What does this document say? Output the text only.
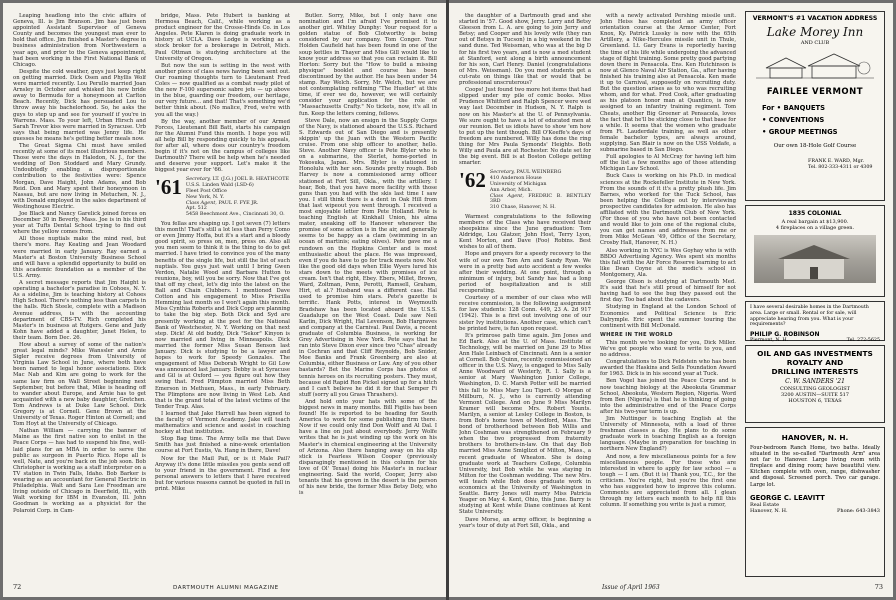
Leaping headlong into the civic affairs of Geneva, Ill. is Jim Branson. Jim has just been appointed Assistant Supervisor of Geneva County and becomes the youngest man ever to hold that office. Jim finished a Master's degree in business administration from Northwestern a year ago, and prior to the Geneva appointment, had been working in the First National Bank of Chicago.

Despite the cold weather, guys just keep right on getting married. Dick Osen and Phyllis Wolf were married recently. Lou Perullo married Joan Arnsley in October and whisked his new bride away to Bermuda for a honeymoon at Carlton Beach. Recently, Dick has persuaded Lou to throw away his bachelorhood. So, he asks the guys to step up and see for yourself if you're in Warrens. Mass. To your left, Urban Hirsch and Sarah Trevor kiss were married in Syracuse. Urb says that being married was Jenny life. He guesses he means he's getting better meals now.

The Great Sigma Chi must have smiled recently at some of its most illustrious members. Those were the days in Haledon, N. J., for the wedding of Don Stoddard and Mary Grundy. Undoubtedly enabling a disproportionate contribution to the festivities were: Spence Morgan, Dave Haight, John Adams, and Bob Reid. Don and Mary spent their honeymoon in Nassau, but are now living in Metuchen, N. J., with Donald employed in the sales department of Westinghouse Electric.

Joe Black and Nancy Garelick joined forces on December 30 in Beverly, Mass. Joe is in his third year at Tufts Dental School trying to find out where the yellow comes from.

All those nuptials make the mind reel, but there's more. Ray Keating and Jean Woodard were married in early January. Ray earned a Master's at Boston University Business School and will have a splendid opportunity to build on this academic foundation as a member of the U.S. Army.

A secret message reports that Jim Haight is operating a bachelor's paradise in Cohoes, N. Y. As a sideline, Jim is teaching history at Cohoes High School. There's nothing less than carpets in the halls. Rich Steele, complete with a Madison Avenue address, is with the accounting department of CBS-TV. Rich completed his Master's in business at Rutgers. Gene and Judy Kohn have added a daughter, Janet Helen, to their team. Born Dec. 26.

How about a survey of some of the nation's great legal minds? Mike Wanssler and Arnie Sigler receive degrees from University of Virginia Law School in June, where both have been named to legal honor associations. Dick Mac Nab and Kim are going to work for the same law firm on Wall Street beginning next September, but before that, Mike is heading off to wander about Europe, and Arnie has to get acquainted with a new baby daughter, Gretchen. Tom Andrews is at Duke Law School. Dick Gregory is at Cornell. Gene Brown at the University of Texas. Roger Hinton at Cornell; and Tom Hoyt at the University of Chicago.

Nathan William — carrying the banner of Maine as the first native son to enlist in the Peace Corps — has had to suspend his fine, well-laid plans for an MBA in order to serve the public as surgeon in Puerto Rico. Hope all is well, Nate, and you're back on the job soon. Bob Christopher is working as a staff interpreter on a TV station in Twin Falls, Idaho. Bob Barker is wearing as an accountant for General Electric in Philadelphia. Walt and Sara Lee Freedman are living outside of Chicago in Deerfield, Ill., with Walt working for IBM in Evanston, Ill. John Goodman is working as a physicist for the Polaroid Corp. in Cam-

bridge, Mass. Pete Hubert is banking at Hermosa Beach, Calif., while working as a product engineer for the Crosse-Hinds Co. in Los Angeles. Pete Klaren is doing graduate work in history at UCLA. Dave Lodge is working as a stock broker for a brokerage in Detroit, Mich. Paul Ottman is studying architecture at the University of Oregon.

But now the sun is setting in the west with another piece of class news having been sent out. Our roaming thoughts turn to Lieutenant Fred Coles — now qualified as a combat ready pilot of the new F-100 supersonic sabre jets — up above in the blue, guarding our freedom, our heritage, our very future... and that! That's something we'd better think about. (No malice, Fred, we're with you all the way.)

By the way, another member of our Armed Forces, Lieutenant Bill Batt, starts his campaign for the Alumni Fund this month. I hope you will all help Bill by responding quickly to his appeals, for after all, where does our country's freedom begin if it's not on the campus of colleges like Dartmouth? There will be help when he's needed and deserve your support. Let's make it the biggest year ever for '66.

'61 Secretary, LT. (J.G.) JOEL B. HEATHCOTE
U.S.S. Linden Wald (LSD-6)
Fleet Post Office
New York, N. Y.
Class Agent, PAUL F. FYE JR.
Apt. 512
5458 Beechmont Ave., Cincinnati 30, O.

You fellas are shaping up. I got seven (7) letters this month! That's still a lot less than Perry Como or even Jimmy Hoffa, but it's a start and a bloody good spirit, so press on, men, press on. Also all you men seem to think it is the thing to do to get married. I have tried to convince you of the many benefits of the single life, but still the list of such nuptials. You guys just wait until I bring Gwen Verdon, Natalie Wood and Barbara Hutton to reunions, boy, will you be sorry. Now that I've got that off my chest, let's dig into the latest on the Ball and Chain Clubbers. I mentioned Dave Cotton and his engagement to Miss Priscilla Hemming last month so I won't again this month. Miss Cynthia Roberts and Dick Copp are planning to take the big step. Both Dick and Syd are presently working at the post for the National Bank of Westchester, N. Y. Working on that next step. Dick! At old buddy, Dick "Sekor" Kinyon is now married and living in Minneapolis. Dick married the former Miss Susan Benson last January. Dick is studying to be a lawyer and hopes to work for Speedy Gonzales. The engagement of Miss Deborah Wright to Gil Low was announced last January. Debby is at Syracuse and Gil is at Oxford — you figure out how they swing that. Fred Plimpton married Miss Beth Emerson in Methuen, Mass., in early February. The Plimptons are now living in West Leb. And that is the grand total of the latest victims of the Tender Trap. Alas.

I learned that Jake Harrell has been signed to the faculty of Vermont Academy. Jake will teach mathematics and science and assist in coaching hockey at that institution.

Stop Bag time. The Army tells me that Dave Smith has just finished a nine-week orientation course at Fort Eustis, Va. Hang in there, Dave!

Now for the Mail Pail, or is it Male Pail? Anyway it's done little missiles you gents send off to your friend in the government. Find a few personal answers to letters that I have received but for various reasons cannot be quoted in full in print. Mike

Butler. Sorry, Mike, but I only have one nomination and I'm afraid I've promised it to another girl. Whitey Dunphy: Your request for a golden statue of Bob Clotworthy is being considered by our company. Tom Conger. Your Holden Caufield hat has been found in one of the soup kettles in Thayer and Miss Gill would like to know your address so that you can reclaim it. Bill Horton: Sorry but the "How to build a missing physique" booklet and course has been discontinued by the author. He has been under 54 stamp. Ray Welch. Sorry, Mr. Welch, but we are not contemplating refilming "The Hustler" at this time, if ever we do, however, we will certainly consider your application for the role of "Massachusetts Crafty." No tickets, now, it's all in fun. Keep the letters coming, fellows.

Steve Dale, now an ensign in the Supply Corps of the Navy, is stationed aboard the U.S.S. Richard S. Edwards out of San Diego and is presently skippin' up the Juan with the Western Pacific cruise. From one ship officer to another, hello. Steve. Another Navy officer is Pete Blyler who is on a submarine, the Sterlet, home-ported in Yokosuka, Japan. Mrs. Blyler is stationed in Honolulu with her son. Sounds pretty rough. Bob Harvey is now a commissioned army officer stationed at Fort Sill, Okla., with the artillery. I hear, Bob, that you have more facility with those guns than you had with the skis last time I saw you. I still think there is a dent in Oak Hill from that last wipeout you went through. I received a most enjoyable letter from Pete Holland. Pete is teaching English at Kinkhall Union, his alma mater, sneaking off to Hanover whenever the promise of some action is in the air, and generally seems to be happy as a clam (swimming in an ocean of martinis; eating olives). Pete gave me a rundown on the Hopkins Center and is most enthusiastic about the place. He was impressed, even if you do have to go for track meets now. Not like the good old days when Ellie Wyers lured his stars down to the meets with promises of ice cream. Isn't that right, Ebey. Ebers, Millet, Brown, Ward, Zoltman, Penn, Perotti, Ramsell, Graham, Hirt, et al.? Husband was a different case. Hal used to promise him stars. Pete's gazette is terrific. Hank Potts, interest in Weymouth Bradshaw has been located aboard the U.S.S. Guadalupe on the West Coast. Dale saw Neil Karlin, Dick Wright, Hal Levenson, Bob Hargraves and company at the Carnival. Paul Davis, a recent graduate of Columbia Business, is working for Grey Advertising in New York. Pete says that he ran into Steve Dixon ever since two "Chas" already in Cochran and that Cliff Reynolds, Bob Snider, Moe Banks and Frank Greenberg are also at Columbia, either Business or Law. Any of you other bastards? Bet the Marine Corps has photos of tennis heroes on its recruiting posters. They must, because old Rapid Ron Pickel signed up for a hitch and I can't believe he did it for that Semper Fi stuff (sorry all you Grass Thrashers).

And hold onto your hats with some of the biggest news in many months. Bill Figilis has been found! He is reported to be heading for South America to work for some publishing firm there. Now if we could only find Don Wolff and Al Dal. I have a line on just about everybody. Jerry Wolfe writes that he is just winding up the work on his Master's in chemical engineering at the University of Arizona. Also there hanging away on his slip stick is Fearless Wilson Cooper (previously disparagingly mentioned in this column for his love of Ol' Texas) doing his Master's in nuclear engineering. Said the world, Cooper, Jerry also tenants that his grown in the desert is the person of his new bride, the former Miss Betsy Doty, who is

72	DARTMOUTH ALUMNI MAGAZINE

the daughter of a Dartmouth grad and she started in '57. Good show, Jerry. Larry and Betsy Gleeson from L. A. are going to join Jerry and Betsy; and Cooper and his lovely wife (they ran out of Betsys in Tucson) in a big weekend in the sand dune. Ted Weissman, who was at the big D for his first two years, and is now a med student at Stanford, sent along a birth announcement for his son, Carl Henry. Daniel (congratulations of Mrs. Weissman). Do you med students get a cut-rate on things like that or would that be professional unscruterous?

Coops! Just found two more hot items that had slipped under my pile of comic books. Miss Prudence Whitford and Ralph Spencer were wed way last December in Hudson, N. Y. Ralph is now on his Master's at the U. of Pennsylvania. We sure ought to have a lot of educated men at our reunion. Bet us idiots have to show 'em how to put up the tent though. Bill O'Keeffe's days of freedom are numbered. Willy has done the ring thing for Mrs Paula Symonds' Heights. Both Willy and Paula are at Rochester. No date set for the big event. Bill is at Boston College getting smarter.

'62 Secretary, PAUL WEINBERG
410 Anderson House
University of Michigan
Ann Arbor, Mich.
Class Agent, FREDRIC B. BENTLEY 3RD
310 Chase, Hanover, N. H.

Warmest congratulations to the following members of the Class who have received their sheepskins since the June graduation: Tom Aldridge, Lou Glatzer, John Host, Terry Lyon, Kent Morton, and Dave (Foo) Robins. Best wishes to all of them.

Hope and prayers for a speedy recovery to the wife of our own Tom Arn and Sandy Ryan. We were in a pretty bad auto accident a few weeks after their wedding. At one point, through a minimum of injury, but Sandy has had a long period of hospitalization and is still recuperating.

Courtesy of a member of our class who will receive commission, is the following assignment for law students: 128 Conn. 449, 23 A. 2d 917 (1942). This is a first out involving one of our sister Ivy institutions. Another case, which can't be printed here, is fun upon request.

It's primrose path time again. Jim Jones and Ed Bark. Also at the U. of Mass. Institute of Technology, will be married on June 29 to Miss Ann Hale Leinbach of Cincinnati. Ann is a senior at Cornell. Bob Quinn, recently commissioned an officer in the U.S. Navy, is engaged to Miss Sally Anne Woodward of Westerly, R. I. Sally is a senior at Mary Washington Junior College, Washington, D. C. Marsh Potter will be married this fall to Miss Mary Lou Tigert. O Morgan of Millburn, N. J., who is currently attending Vermont College. And on June 9 Miss Marilyn Kramer will become Mrs. Robert Younts. Marilyn, a senior at Lesley College in Boston, is from Bob's home town of Medford, Mass. The bond of brotherhood between Bob Willis and John Coshman was strengthened on February 9 when the two progressed from fraternity brothers to brothers-in-law. On that day Bob married Miss Anne Smiglizzi of Milton, Mass., a recent graduate of Wheaton. She is doing graduate work at Teachers College, Columbia University, but Bob while he was staying in Milton for the Coshman wedding. The new Mrs. will teach while Bob does graduate work in economics at the University of Washington in Seattle. Barry Jones will marry Miss Patricia Yeager on May 4. Kent, Ohio, this June. Barry is studying at Kent while Diane continues at Kent State University.

Dave Morse, an army officer, is beginning a year's tour of duty at Fort Sill, Okla., and

with a newly activated Pershing missile unit. John Heiss has completed an army officer orientation course at the Armor Center, Fort Knox, Ky. Patrick Lussky is now with the 65th Artillery, a Nike-Hercules missile unit in Thule, Greenland. Lt. Gary Evans is reportedly having the time of his life while undergoing the advanced stage of flight training. Some pretty good partying down there in Pensacola. Ens. Ken Hutchinson is now at Glenco Naval Air Station, Ga., after having finished his training also at Pensacola. Ken made it up to Carnival, supposedly on recruiting duty. But the question arises as to who was recruiting whom, and for what. Fred Cook, after graduating as his platoon honor man at Quantico, is now assigned to an infantry training regiment. Tom Cheats, another Big Greener at Pensacola, loves the fact that he'll be sticking close to that base for a while. It seems that the women who graduate from Ft. Lauderdale training, as well as other female bachelor types, are always around, supplying. San Blair is now on the USS Voldafe, a submarine based in San Diego.

Full apologies to Al McCray for having left him off the list a few months ago of those attending Michigan Law School.

Buck Cass is working on his Ph.D. in medical sciences at the Rockefeller Institute in New York. From the sounds of it it's a pretty plush life. Jim Barnes, who worked for the Tuck School, has been helping the College out by interviewing prospective candidates for admission. He also has affiliated with the Dartmouth Club of New York. (For those of you who have not been contacted and would like to join one of the regional clubs, you can get names and addresses from me or from Mike McGean '49, Office of the Secretary, Crosby Hall, Hanover, N. H.)

Also working in NYC is Wes Goyhay who is with BBDO Advertising Agency. Wes spent six months this fall with the Air Force Reserve learning to act like Dean Coyne at the medic's school in Montgomery, Ala.

George Olson is studying at Dartmouth Med. It's said that he's still proud of himself for not having had to see the bug they passed out the first day. Too bad about the cadavers.

Studying in England at the London School of Economics and Political Science is Eric Dalrymple. Eric spent the summer touring the continent with Bill McDonald.

WHERE IN THE WORLD

This month we're looking for you, Dick Miller. We've got people who want to write to you, and no address.

Congratulations to Dick Feldstein who has been awarded the Haskins and Sells Foundation Award for 1963. Dick is in his second year at Tuck.

Ben Vogel has joined the Peace Corps and is now teaching biology at the Abeokuta Grammar School, Abeokuta, Western Region, Nigeria. Word from Ben (Nigeria) is that he is thinking of going into the administrative end of the Peace Corps after his two-year term is up.

Jim Nuttinger is teaching English at the University of Minnesota, with a load of three freshman classes a day. He plans to do some graduate work in teaching English as a foreign language. (Maybe in preparation for teaching in northern New England?)

And now, a few miscellaneous points for a few miscellaneous people. For those who are interested in where to apply for law school — a tough — I am. (But it is) Thank you, T.C., for the criticism. You're right, but you're the first one who has suggested how to improve this column. Comments are appreciated from all. I glean through my letters each month to help fill this column. If something you write is just a rumor,

VERMONT'S #1 VACATION ADDRESS
Lake Morey Inn
AND CLUB
FAIRLEE VERMONT
For • BANQUETS
• CONVENTIONS
• GROUP MEETINGS
Our own 18-Hole Golf Course
FRANK E. WARD, Mgr.
Tel. 802-333-4311 or 4309
1835 COLONIAL
A real bargain at $13,900.
4 fireplaces on a village green.
I have several desirable homes in the Dartmouth area. Large or small. Rental or for sale, will appreciate hearing from you. What is your requirements?
PHILIP G. ROBINSON
Piermont, N. H.	Tel. 272-5625
OIL AND GAS INVESTMENTS
ROYALTY AND
DRILLING INTERESTS
C. W. SANDERS '21
CONSULTING GEOLOGIST
3200 AUSTIN—SUITE 517
HOUSTON 6, TEXAS
HANOVER, N. H.
Four-bedroom Ranch Home, two baths. Ideally situated in the so-called "Dartmouth Arm" area not far to Hanover. Large living room with fireplace and dining room; have beautiful view. Kitchen complete with oven, range, dishwasher and disposal. Screened porch. Two car garage. Large lot.
GEORGE C. LEAVITT
Real Estate
Hanover, N. H.	Phone: 643-3843
Issue of April 1963	73
